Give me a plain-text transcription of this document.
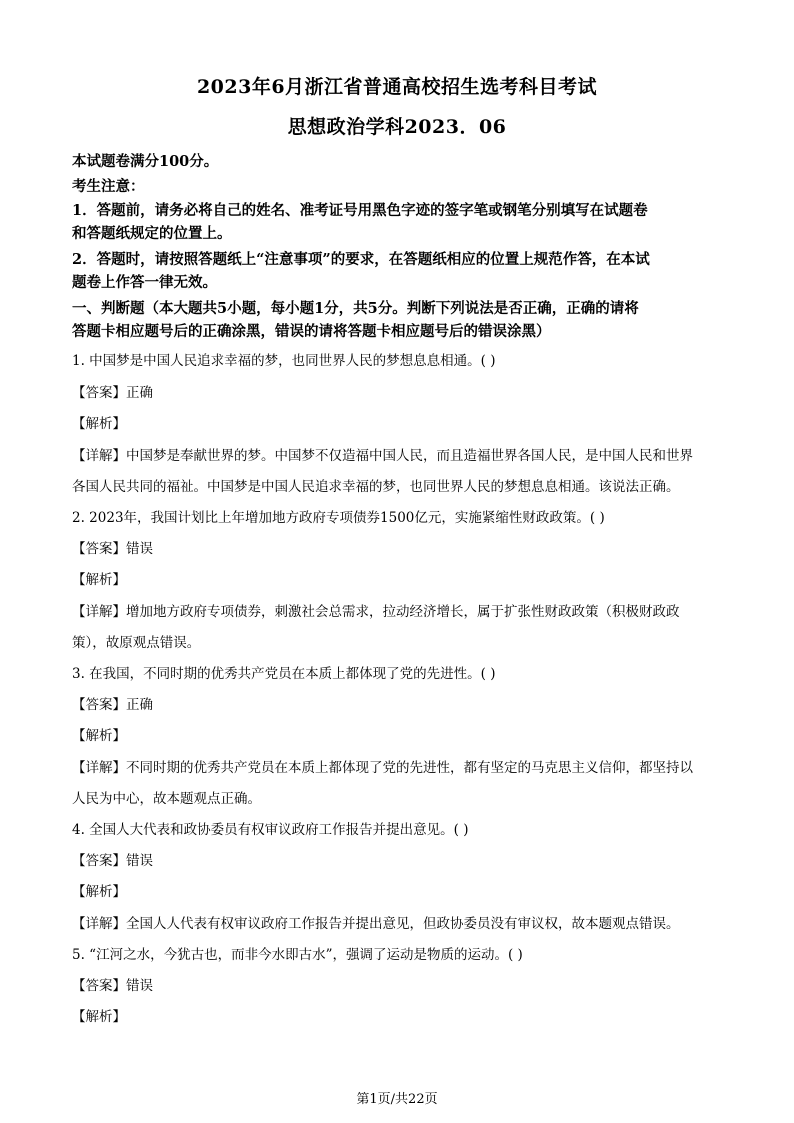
2023年6月浙江省普通高校招生选考科目考试
思想政治学科2023．06
本试题卷满分100分。
考生注意：
1．答题前，请务必将自己的姓名、准考证号用黑色字迹的签字笔或钢笔分别填写在试题卷
和答题纸规定的位置上。
2．答题时，请按照答题纸上“注意事项”的要求，在答题纸相应的位置上规范作答，在本试
题卷上作答一律无效。
一、判断题（本大题共5小题，每小题1分，共5分。判断下列说法是否正确，正确的请将
答题卡相应题号后的正确涂黑，错误的请将答题卡相应题号后的错误涂黑）
1. 中国梦是中国人民追求幸福的梦，也同世界人民的梦想息息相通。( )
【答案】正确
【解析】
【详解】中国梦是奉献世界的梦。中国梦不仅造福中国人民，而且造福世界各国人民，是中国人民和世界
各国人民共同的福祉。中国梦是中国人民追求幸福的梦，也同世界人民的梦想息息相通。该说法正确。
2. 2023年，我国计划比上年增加地方政府专项债券1500亿元，实施紧缩性财政政策。( )
【答案】错误
【解析】
【详解】增加地方政府专项债券，刺激社会总需求，拉动经济增长，属于扩张性财政政策（积极财政政
策），故原观点错误。
3. 在我国，不同时期的优秀共产党员在本质上都体现了党的先进性。( )
【答案】正确
【解析】
【详解】不同时期的优秀共产党员在本质上都体现了党的先进性，都有坚定的马克思主义信仰，都坚持以
人民为中心，故本题观点正确。
4. 全国人大代表和政协委员有权审议政府工作报告并提出意见。( )
【答案】错误
【解析】
【详解】全国人人代表有权审议政府工作报告并提出意见，但政协委员没有审议权，故本题观点错误。
5. “江河之水，今犹古也，而非今水即古水”，强调了运动是物质的运动。( )
【答案】错误
【解析】
第1页/共22页
